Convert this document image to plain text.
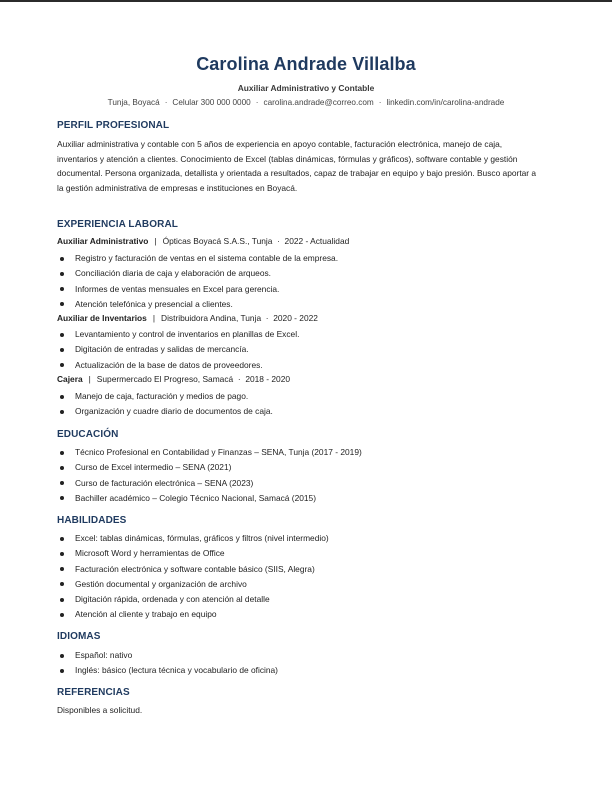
Carolina Andrade Villalba
Auxiliar Administrativo y Contable
Tunja, Boyacá · Celular 300 000 0000 · carolina.andrade@correo.com · linkedin.com/in/carolina-andrade
PERFIL PROFESIONAL
Auxiliar administrativa y contable con 5 años de experiencia en apoyo contable, facturación electrónica, manejo de caja, inventarios y atención a clientes. Conocimiento de Excel (tablas dinámicas, fórmulas y gráficos), software contable y gestión documental. Persona organizada, detallista y orientada a resultados, capaz de trabajar en equipo y bajo presión. Busco aportar a la gestión administrativa de empresas e instituciones en Boyacá.
EXPERIENCIA LABORAL
Auxiliar Administrativo | Ópticas Boyacá S.A.S., Tunja · 2022 - Actualidad
Registro y facturación de ventas en el sistema contable de la empresa.
Conciliación diaria de caja y elaboración de arqueos.
Informes de ventas mensuales en Excel para gerencia.
Atención telefónica y presencial a clientes.
Auxiliar de Inventarios | Distribuidora Andina, Tunja · 2020 - 2022
Levantamiento y control de inventarios en planillas de Excel.
Digitación de entradas y salidas de mercancía.
Actualización de la base de datos de proveedores.
Cajera | Supermercado El Progreso, Samacá · 2018 - 2020
Manejo de caja, facturación y medios de pago.
Organización y cuadre diario de documentos de caja.
EDUCACIÓN
Técnico Profesional en Contabilidad y Finanzas – SENA, Tunja (2017 - 2019)
Curso de Excel intermedio – SENA (2021)
Curso de facturación electrónica – SENA (2023)
Bachiller académico – Colegio Técnico Nacional, Samacá (2015)
HABILIDADES
Excel: tablas dinámicas, fórmulas, gráficos y filtros (nivel intermedio)
Microsoft Word y herramientas de Office
Facturación electrónica y software contable básico (SIIS, Alegra)
Gestión documental y organización de archivo
Digitación rápida, ordenada y con atención al detalle
Atención al cliente y trabajo en equipo
IDIOMAS
Español: nativo
Inglés: básico (lectura técnica y vocabulario de oficina)
REFERENCIAS
Disponibles a solicitud.
